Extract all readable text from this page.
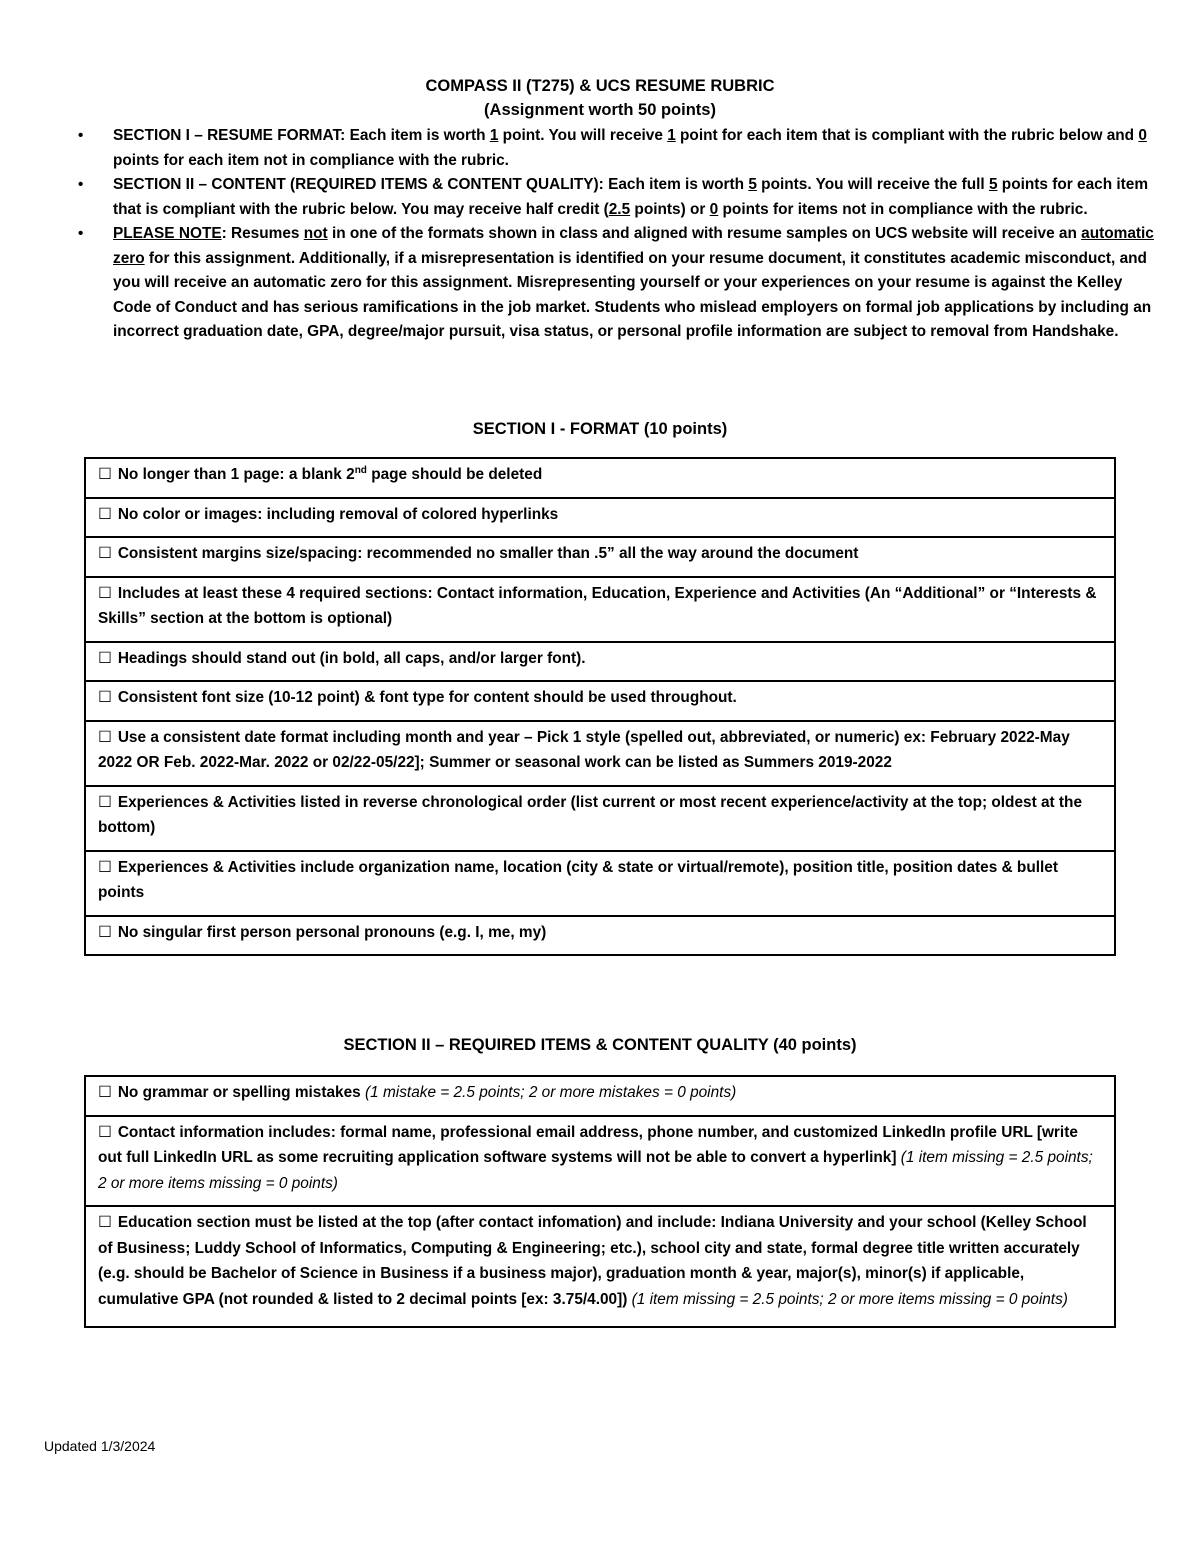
COMPASS II (T275) & UCS RESUME RUBRIC
(Assignment worth 50 points)
• SECTION I – RESUME FORMAT: Each item is worth 1 point. You will receive 1 point for each item that is compliant with the rubric below and 0 points for each item not in compliance with the rubric.
• SECTION II – CONTENT (REQUIRED ITEMS & CONTENT QUALITY): Each item is worth 5 points. You will receive the full 5 points for each item that is compliant with the rubric below. You may receive half credit (2.5 points) or 0 points for items not in compliance with the rubric.
• PLEASE NOTE: Resumes not in one of the formats shown in class and aligned with resume samples on UCS website will receive an automatic zero for this assignment. Additionally, if a misrepresentation is identified on your resume document, it constitutes academic misconduct, and you will receive an automatic zero for this assignment. Misrepresenting yourself or your experiences on your resume is against the Kelley Code of Conduct and has serious ramifications in the job market. Students who mislead employers on formal job applications by including an incorrect graduation date, GPA, degree/major pursuit, visa status, or personal profile information are subject to removal from Handshake.
SECTION I - FORMAT (10 points)
☐ No longer than 1 page: a blank 2nd page should be deleted
☐ No color or images: including removal of colored hyperlinks
☐ Consistent margins size/spacing: recommended no smaller than .5” all the way around the document
☐ Includes at least these 4 required sections: Contact information, Education, Experience and Activities (An “Additional” or “Interests & Skills” section at the bottom is optional)
☐ Headings should stand out (in bold, all caps, and/or larger font).
☐ Consistent font size (10-12 point) & font type for content should be used throughout.
☐ Use a consistent date format including month and year – Pick 1 style (spelled out, abbreviated, or numeric) ex: February 2022-May 2022 OR Feb. 2022-Mar. 2022 or 02/22-05/22]; Summer or seasonal work can be listed as Summers 2019-2022
☐ Experiences & Activities listed in reverse chronological order (list current or most recent experience/activity at the top; oldest at the bottom)
☐ Experiences & Activities include organization name, location (city & state or virtual/remote), position title, position dates & bullet points
☐ No singular first person personal pronouns (e.g. I, me, my)
SECTION II – REQUIRED ITEMS & CONTENT QUALITY (40 points)
☐ No grammar or spelling mistakes (1 mistake = 2.5 points; 2 or more mistakes = 0 points)
☐ Contact information includes: formal name, professional email address, phone number, and customized LinkedIn profile URL [write out full LinkedIn URL as some recruiting application software systems will not be able to convert a hyperlink] (1 item missing = 2.5 points; 2 or more items missing = 0 points)
☐ Education section must be listed at the top (after contact infomation) and include: Indiana University and your school (Kelley School of Business; Luddy School of Informatics, Computing & Engineering; etc.), school city and state, formal degree title written accurately (e.g. should be Bachelor of Science in Business if a business major), graduation month & year, major(s), minor(s) if applicable, cumulative GPA (not rounded & listed to 2 decimal points [ex: 3.75/4.00]) (1 item missing = 2.5 points; 2 or more items missing = 0 points)
Updated 1/3/2024
